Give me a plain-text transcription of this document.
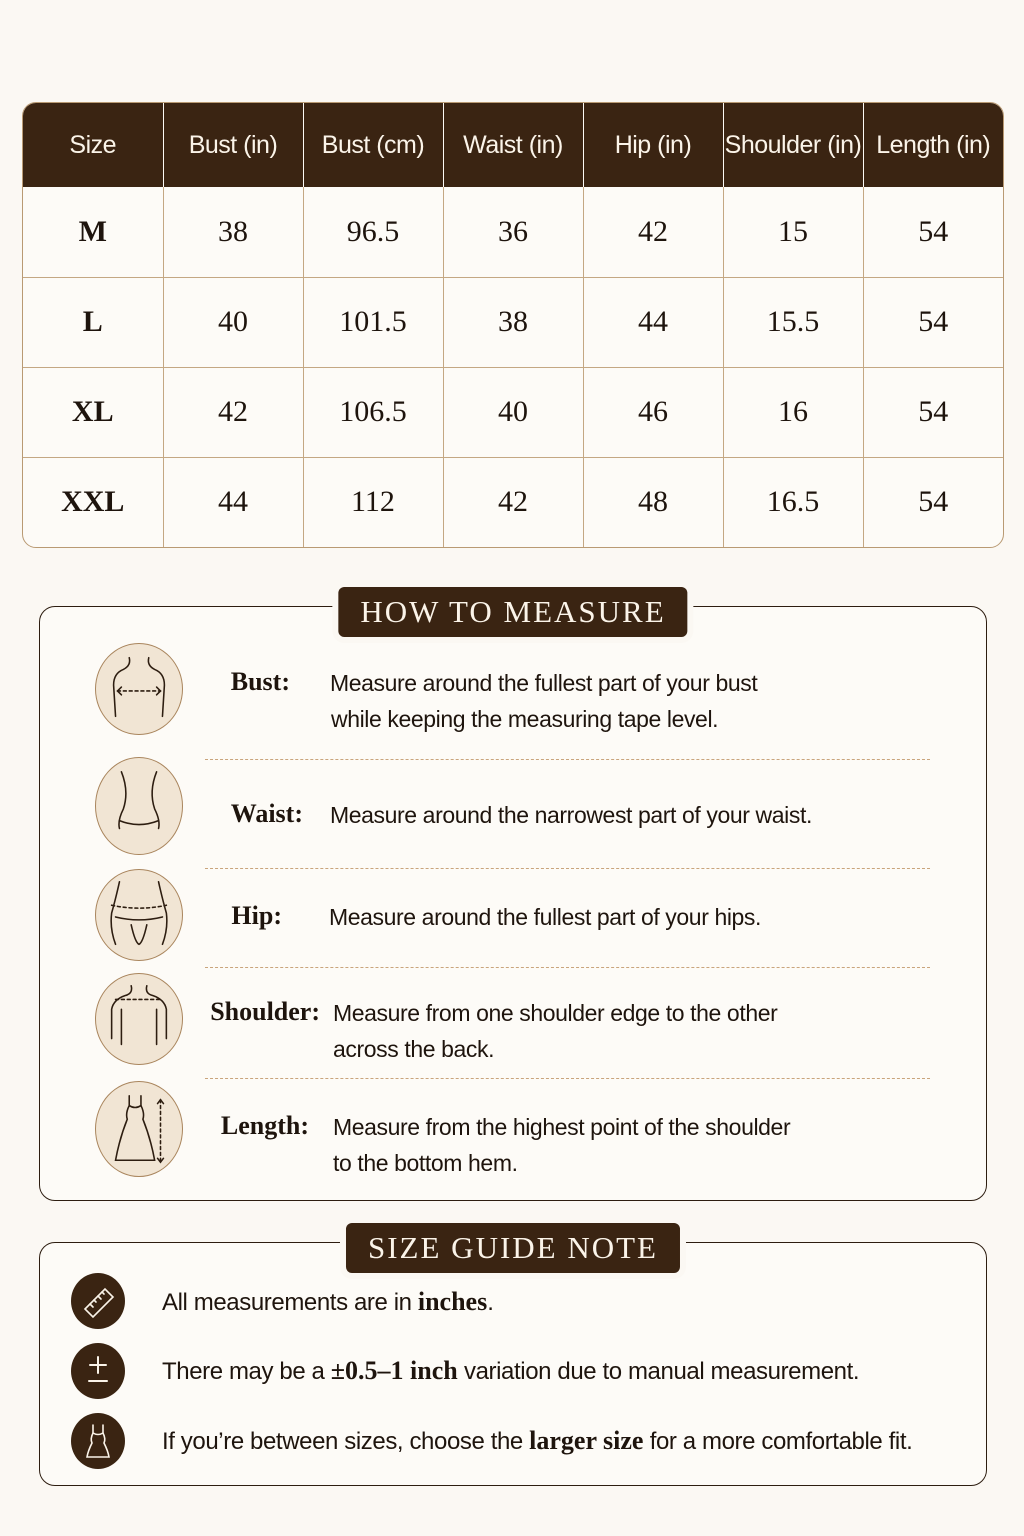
Size	Bust (in)	Bust (cm)	Waist (in)	Hip (in)	Shoulder (in)	Length (in)
M	38	96.5	36	42	15	54
L	40	101.5	38	44	15.5	54
XL	42	106.5	40	46	16	54
XXL	44	112	42	48	16.5	54
HOW TO MEASURE
Bust: Measure around the fullest part of your bust
while keeping the measuring tape level.
Waist: Measure around the narrowest part of your waist.
Hip: Measure around the fullest part of your hips.
Shoulder: Measure from one shoulder edge to the other
across the back.
Length: Measure from the highest point of the shoulder
to the bottom hem.
SIZE GUIDE NOTE
All measurements are in inches.
There may be a ±0.5–1 inch variation due to manual measurement.
If you’re between sizes, choose the larger size for a more comfortable fit.
